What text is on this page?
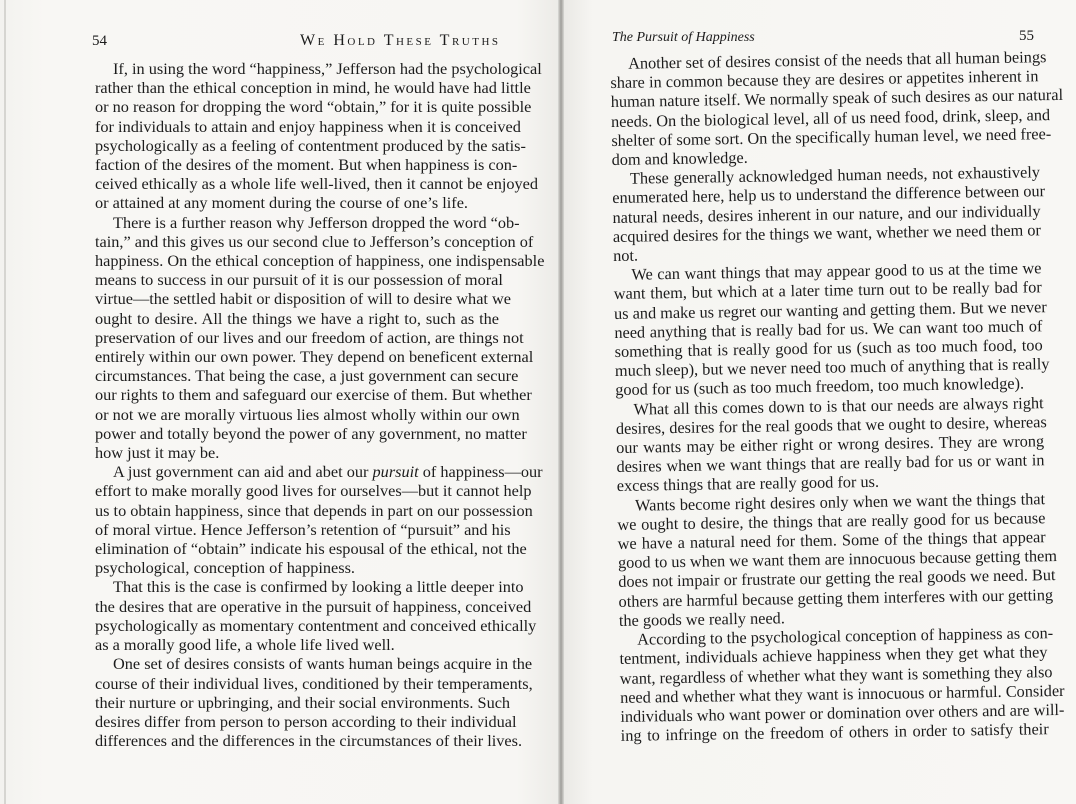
54	We Hold These Truths
If, in using the word “happiness,” Jefferson had the psychological
rather than the ethical conception in mind, he would have had little
or no reason for dropping the word “obtain,” for it is quite possible
for individuals to attain and enjoy happiness when it is conceived
psychologically as a feeling of contentment produced by the satis-
faction of the desires of the moment. But when happiness is con-
ceived ethically as a whole life well-lived, then it cannot be enjoyed
or attained at any moment during the course of one’s life.
There is a further reason why Jefferson dropped the word “ob-
tain,” and this gives us our second clue to Jefferson’s conception of
happiness. On the ethical conception of happiness, one indispensable
means to success in our pursuit of it is our possession of moral
virtue—the settled habit or disposition of will to desire what we
ought to desire. All the things we have a right to, such as the
preservation of our lives and our freedom of action, are things not
entirely within our own power. They depend on beneficent external
circumstances. That being the case, a just government can secure
our rights to them and safeguard our exercise of them. But whether
or not we are morally virtuous lies almost wholly within our own
power and totally beyond the power of any government, no matter
how just it may be.
A just government can aid and abet our pursuit of happiness—our
effort to make morally good lives for ourselves—but it cannot help
us to obtain happiness, since that depends in part on our possession
of moral virtue. Hence Jefferson’s retention of “pursuit” and his
elimination of “obtain” indicate his espousal of the ethical, not the
psychological, conception of happiness.
That this is the case is confirmed by looking a little deeper into
the desires that are operative in the pursuit of happiness, conceived
psychologically as momentary contentment and conceived ethically
as a morally good life, a whole life lived well.
One set of desires consists of wants human beings acquire in the
course of their individual lives, conditioned by their temperaments,
their nurture or upbringing, and their social environments. Such
desires differ from person to person according to their individual
differences and the differences in the circumstances of their lives.
The Pursuit of Happiness	55
Another set of desires consist of the needs that all human beings
share in common because they are desires or appetites inherent in
human nature itself. We normally speak of such desires as our natural
needs. On the biological level, all of us need food, drink, sleep, and
shelter of some sort. On the specifically human level, we need free-
dom and knowledge.
These generally acknowledged human needs, not exhaustively
enumerated here, help us to understand the difference between our
natural needs, desires inherent in our nature, and our individually
acquired desires for the things we want, whether we need them or
not.
We can want things that may appear good to us at the time we
want them, but which at a later time turn out to be really bad for
us and make us regret our wanting and getting them. But we never
need anything that is really bad for us. We can want too much of
something that is really good for us (such as too much food, too
much sleep), but we never need too much of anything that is really
good for us (such as too much freedom, too much knowledge).
What all this comes down to is that our needs are always right
desires, desires for the real goods that we ought to desire, whereas
our wants may be either right or wrong desires. They are wrong
desires when we want things that are really bad for us or want in
excess things that are really good for us.
Wants become right desires only when we want the things that
we ought to desire, the things that are really good for us because
we have a natural need for them. Some of the things that appear
good to us when we want them are innocuous because getting them
does not impair or frustrate our getting the real goods we need. But
others are harmful because getting them interferes with our getting
the goods we really need.
According to the psychological conception of happiness as con-
tentment, individuals achieve happiness when they get what they
want, regardless of whether what they want is something they also
need and whether what they want is innocuous or harmful. Consider
individuals who want power or domination over others and are will-
ing to infringe on the freedom of others in order to satisfy their
